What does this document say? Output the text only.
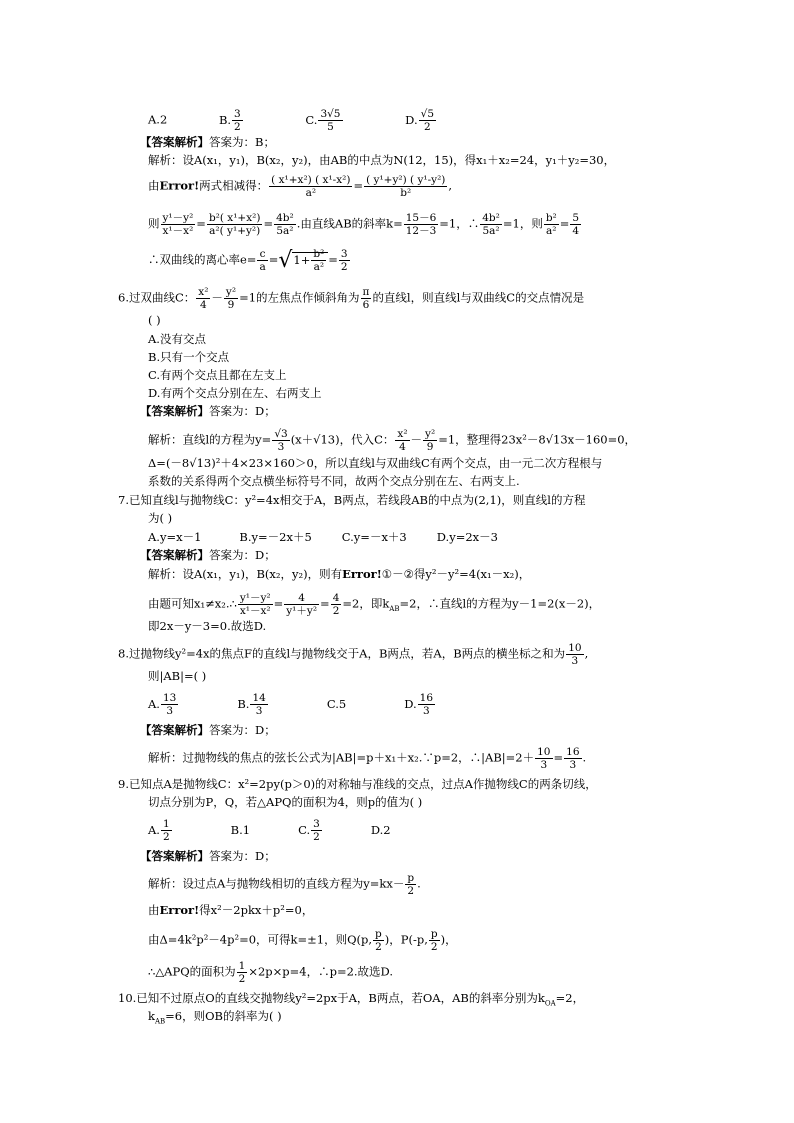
A.2	B. $\frac{3}{2}$	C. $\frac{3√5}{5}$	D. $\frac{√5}{2}$
【答案解析】答案为：B；
解析：设A(x₁，y₁)，B(x₂，y₂)，由AB的中点为N(12，15)，得x₁＋x₂=24，y₁＋y₂=30，
由Error!两式相减得： $\frac{\text{( x¹+x²) ( x¹-x²)}}{\text{a²}} = \frac{\text{( y¹+y²) ( y¹-y²)}}{\text{b²}}$ ,
则 $\frac{\text{y¹－y²}}{\text{x¹－x²}} = \frac{\text{b²( x¹+x²)}}{\text{a²( y¹+y²)}} = \frac{\text{4b²}}{\text{5a²}}$ .由直线AB的斜率$k= \frac{15-6}{12-3} =1$，∴ $\frac{\text{4b²}}{\text{5a²}} =1$，则 $\frac{\text{b²}}{\text{a²}} = \frac{5}{4}$
∴双曲线的离心率$e= \frac{c}{a} =√1+ \frac{\text{b²}}{\text{a²}} = \frac{3}{2}$
6.过双曲线C： $\frac{\text{x²}}{4} - \frac{\text{y²}}{9} =1$的左焦点作倾斜角为 $\frac{\pi}{6}$ 的直线l，则直线l与双曲线C的交点情况是
( )
A.没有交点
B.只有一个交点
C.有两个交点且都在左支上
D.有两个交点分别在左、右两支上
【答案解析】答案为：D；
解析：直线l的方程为$y= \frac{√3}{3} (x+√13)$，代入C： $\frac{\text{x²}}{4} - \frac{\text{y²}}{9} =1$，整理得23x²－8√13x－160=0，
Δ=(－8√13)²＋4×23×160＞0，所以直线l与双曲线C有两个交点，由一元二次方程根与
系数的关系得两个交点横坐标符号不同，故两个交点分别在左、右两支上.
7.已知直线l与抛物线C：y²=4x相交于A，B两点，若线段AB的中点为(2,1)，则直线l的方程
为( )
A.y=x－1	B.y=－2x＋5	C.y=－x＋3	D.y=2x－3
【答案解析】答案为：D；
解析：设A(x₁，y₁)，B(x₂，y₂)，则有Error!①－②得y²－y²=4(x₁－x₂)，
由题可知x₁≠x₂.∴ $\frac{\text{y¹－y²}}{\text{x¹－x²}} = \frac{4}{\text{y¹＋y²}} = \frac{4}{2} =2$，即$k_{AB}=2$，∴直线l的方程为y－1=2(x－2)，
即2x－y－3=0.故选D.
8.过抛物线y²=4x的焦点F的直线l与抛物线交于A，B两点，若A，B两点的横坐标之和为 $\frac{10}{3}$ ,
则|AB|=( )
A. $\frac{13}{3}$	B. $\frac{14}{3}$	C.5	D. $\frac{16}{3}$
【答案解析】答案为：D；
解析：过抛物线的焦点的弦长公式为|AB|=p＋x₁＋x₂.∵p=2，∴|AB|=2＋ $\frac{10}{3} = \frac{16}{3}$ .
9.已知点A是抛物线C：x²=2py(p＞0)的对称轴与准线的交点，过点A作抛物线C的两条切线，
切点分别为P，Q，若△APQ的面积为4，则p的值为( )
A. $\frac{1}{2}$	B.1	C. $\frac{3}{2}$	D.2
【答案解析】答案为：D；
解析：设过点A与抛物线相切的直线方程为$y=kx- \frac{p}{2}$ .
由Error!得x²－2pkx＋p²=0，
由Δ=4k²p²－4p²=0，可得k=±1，则Q(p, $\frac{p}{2}$ )，P(-p, $\frac{p}{2}$ )，
∴△APQ的面积为 $\frac{1}{2} \times 2p\times p=4$，∴p=2.故选D.
10.已知不过原点O的直线交抛物线y²=2px于A，B两点，若OA，AB的斜率分别为$k_{OA}=2$，
$k_{AB}=6$，则OB的斜率为( )
